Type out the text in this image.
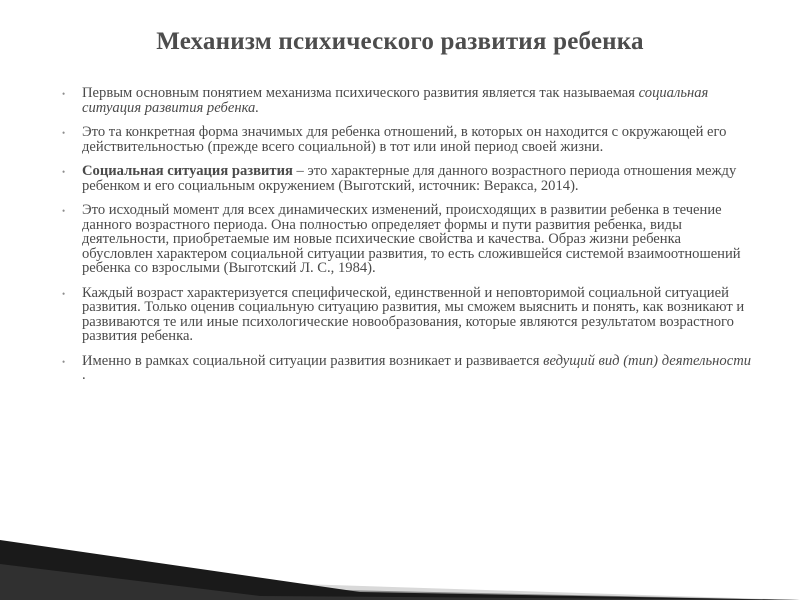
Механизм психического развития ребенка
• Первым основным понятием механизма психического развития является так называемая социальная ситуация развития ребенка.
• Это та конкретная форма значимых для ребенка отношений, в которых он находится с окружающей его действительностью (прежде всего социальной) в тот или иной период своей жизни.
• Социальная ситуация развития – это характерные для данного возрастного периода отношения между ребенком и его социальным окружением (Выготский, источник: Веракса, 2014).
• Это исходный момент для всех динамических изменений, происходящих в развитии ребенка в течение данного возрастного периода. Она полностью определяет формы и пути развития ребенка, виды деятельности, приобретаемые им новые психические свойства и качества. Образ жизни ребенка обусловлен характером социальной ситуации развития, то есть сложившейся системой взаимоотношений ребенка со взрослыми (Выготский Л. С., 1984).
• Каждый возраст характеризуется специфической, единственной и неповторимой социальной ситуацией развития. Только оценив социальную ситуацию развития, мы сможем выяснить и понять, как возникают и развиваются те или иные психологические новообразования, которые являются результатом возрастного развития ребенка.
• Именно в рамках социальной ситуации развития возникает и развивается ведущий вид (тип) деятельности .
